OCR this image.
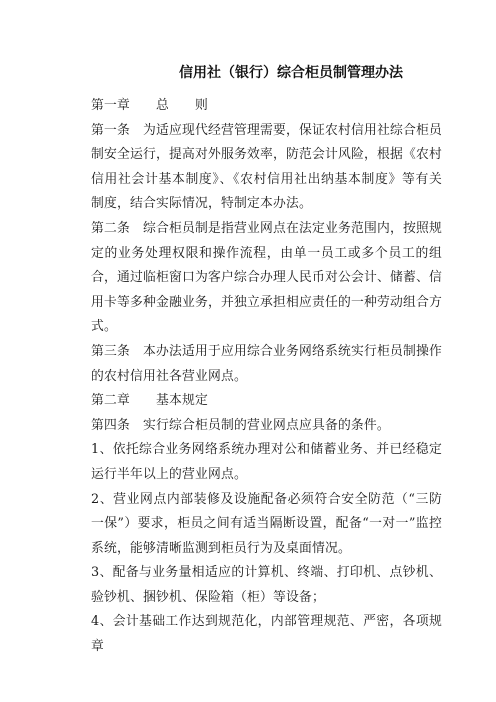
信用社（银行）综合柜员制管理办法

第一章　　总　　则

第一条　为适应现代经营管理需要，保证农村信用社综合柜员制安全运行，提高对外服务效率，防范会计风险，根据《农村信用社会计基本制度》、《农村信用社出纳基本制度》等有关制度，结合实际情况，特制定本办法。

第二条　综合柜员制是指营业网点在法定业务范围内，按照规定的业务处理权限和操作流程，由单一员工或多个员工的组合，通过临柜窗口为客户综合办理人民币对公会计、储蓄、信用卡等多种金融业务，并独立承担相应责任的一种劳动组合方式。

第三条　本办法适用于应用综合业务网络系统实行柜员制操作的农村信用社各营业网点。

第二章　　基本规定

第四条　实行综合柜员制的营业网点应具备的条件。

1、依托综合业务网络系统办理对公和储蓄业务、并已经稳定运行半年以上的营业网点。

2、营业网点内部装修及设施配备必须符合安全防范（“三防一保”）要求，柜员之间有适当隔断设置，配备“一对一”监控系统，能够清晰监测到柜员行为及桌面情况。

3、配备与业务量相适应的计算机、终端、打印机、点钞机、验钞机、捆钞机、保险箱（柜）等设备；

4、会计基础工作达到规范化，内部管理规范、严密，各项规章
